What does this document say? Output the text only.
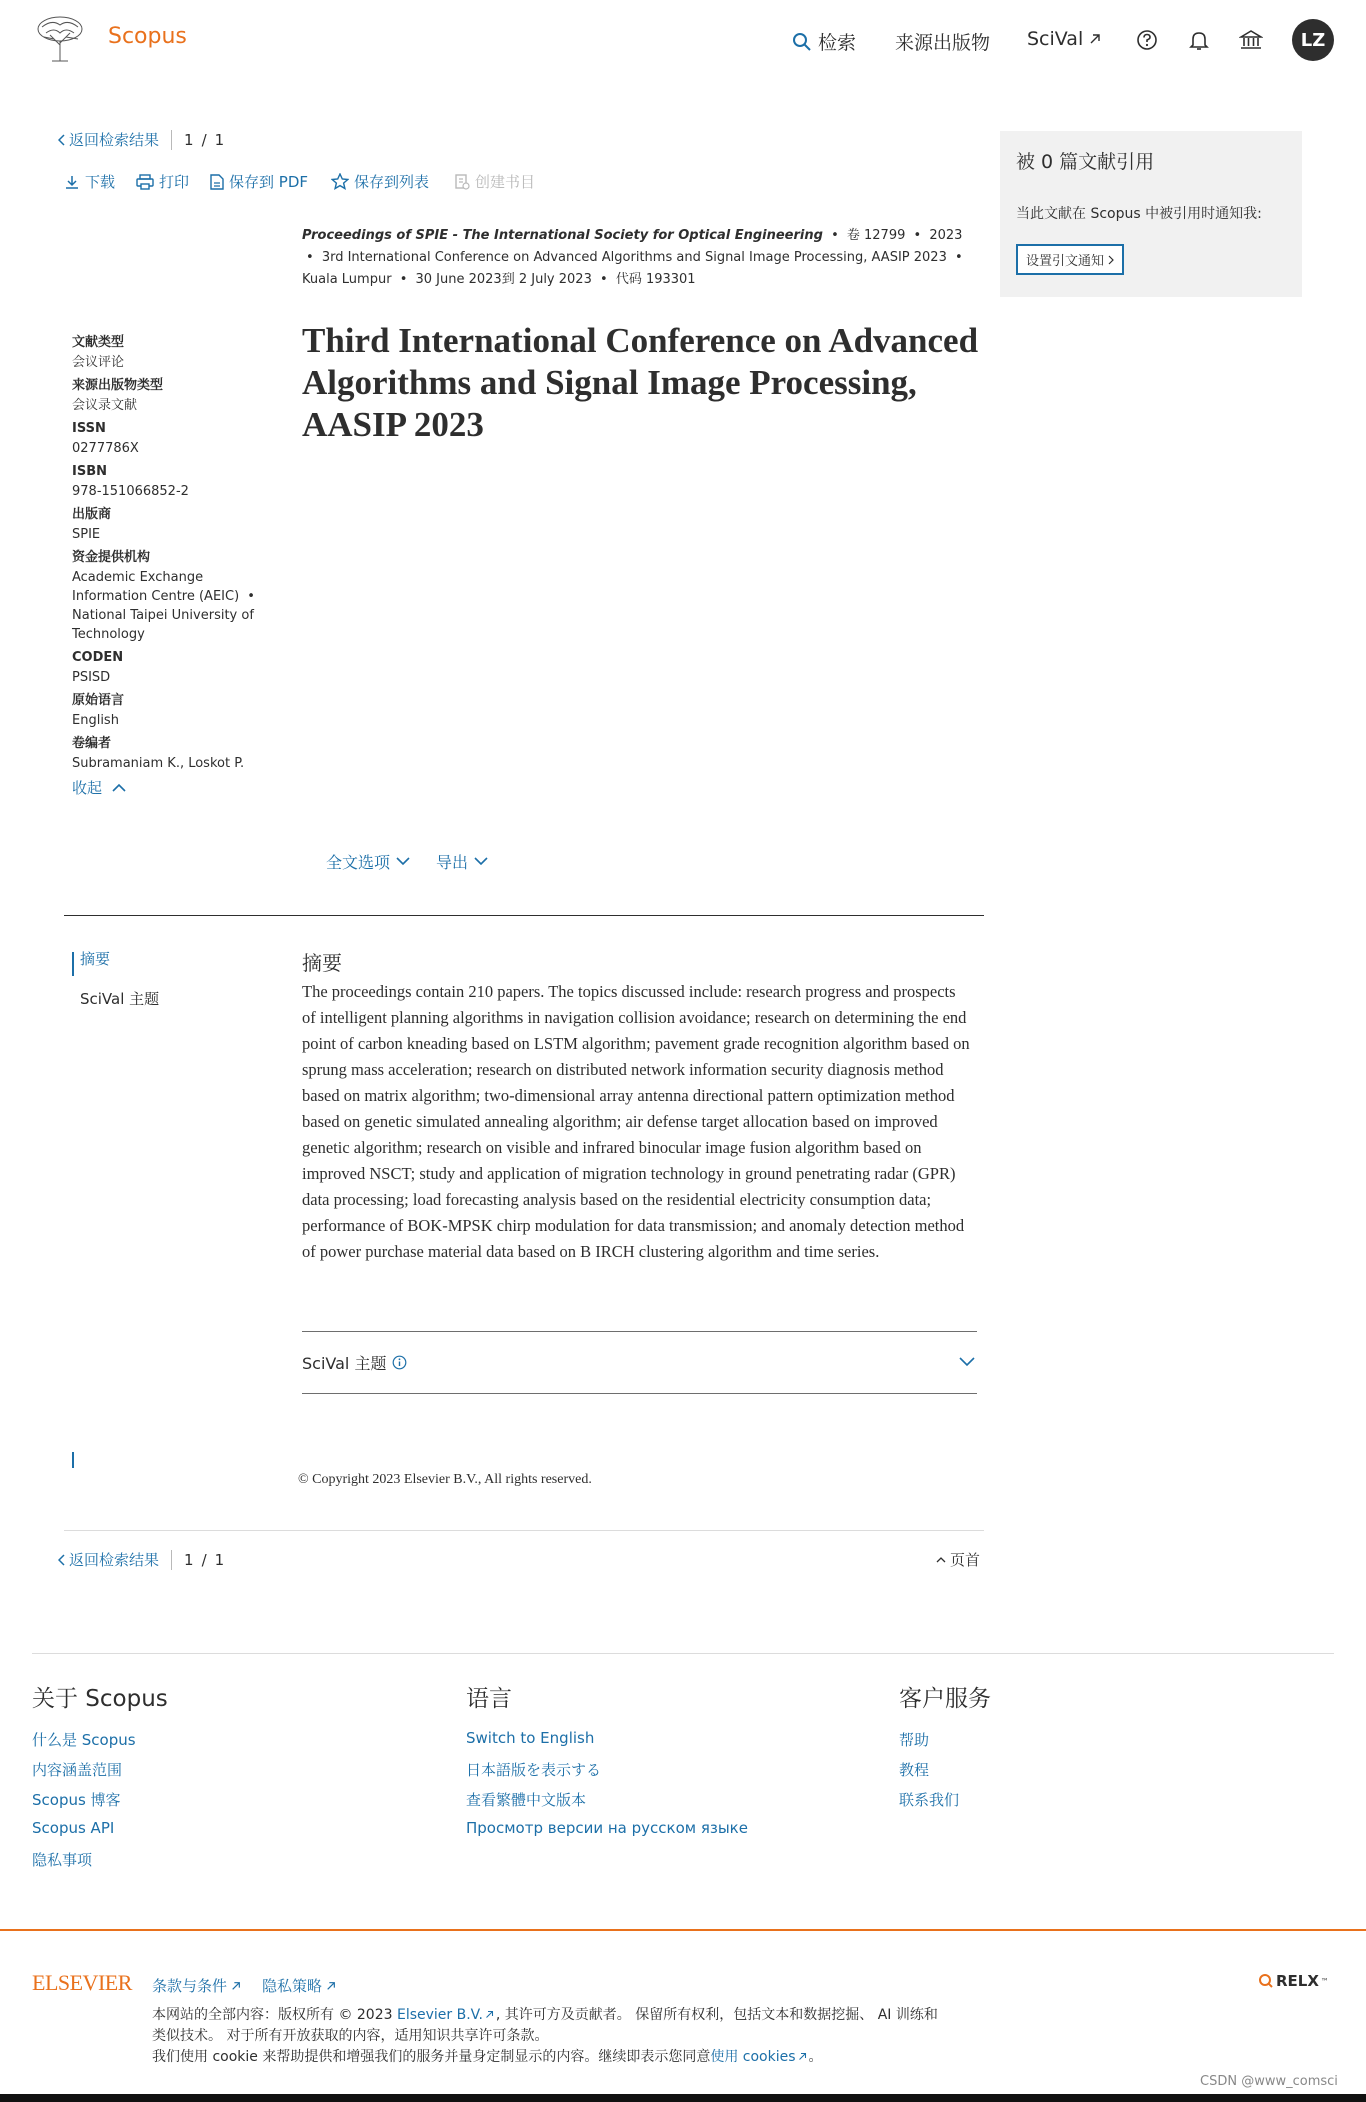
Scopus	检索 来源出版物 SciVal	LZ
返回检索结果 1 / 1
下载	打印	保存到 PDF	保存到列表	创建书目
Proceedings of SPIE - The International Society for Optical Engineering • 卷 12799 • 2023 • 3rd International Conference on Advanced Algorithms and Signal Image Processing, AASIP 2023 • Kuala Lumpur • 30 June 2023到 2 July 2023 • 代码 193301
Third International Conference on Advanced Algorithms and Signal Image Processing, AASIP 2023
文献类型
会议评论
来源出版物类型
会议录文献
ISSN
0277786X
ISBN
978-151066852-2
出版商
SPIE
资金提供机构
Academic Exchange Information Centre (AEIC) • National Taipei University of Technology
CODEN
PSISD
原始语言
English
卷编者
Subramaniam K., Loskot P.
收起
被 0 篇文献引用
当此文献在 Scopus 中被引用时通知我:
设置引文通知
全文选项	导出
摘要
SciVal 主题
摘要

The proceedings contain 210 papers. The topics discussed include: research progress and prospects of intelligent planning algorithms in navigation collision avoidance; research on determining the end point of carbon kneading based on LSTM algorithm; pavement grade recognition algorithm based on sprung mass acceleration; research on distributed network information security diagnosis method based on matrix algorithm; two-dimensional array antenna directional pattern optimization method based on genetic simulated annealing algorithm; air defense target allocation based on improved genetic algorithm; research on visible and infrared binocular image fusion algorithm based on improved NSCT; study and application of migration technology in ground penetrating radar (GPR) data processing; load forecasting analysis based on the residential electricity consumption data; performance of BOK-MPSK chirp modulation for data transmission; and anomaly detection method of power purchase material data based on B IRCH clustering algorithm and time series.

SciVal 主题
© Copyright 2023 Elsevier B.V., All rights reserved.
返回检索结果 1 / 1	页首
关于 Scopus
什么是 Scopus
内容涵盖范围
Scopus 博客
Scopus API
隐私事项
语言
Switch to English
日本語版を表示する
查看繁體中文版本
Просмотр версии на русском языке
客户服务
帮助
教程
联系我们
ELSEVIER 条款与条件 隐私策略	RELX ™
本网站的全部内容：版权所有 © 2023 Elsevier B.V. , 其许可方及贡献者。 保留所有权利，包括文本和数据挖掘、 AI 训练和
类似技术。 对于所有开放获取的内容，适用知识共享许可条款。
我们使用 cookie 来帮助提供和增强我们的服务并量身定制显示的内容。继续即表示您同意使用 cookies 。
CSDN @www_comsci
